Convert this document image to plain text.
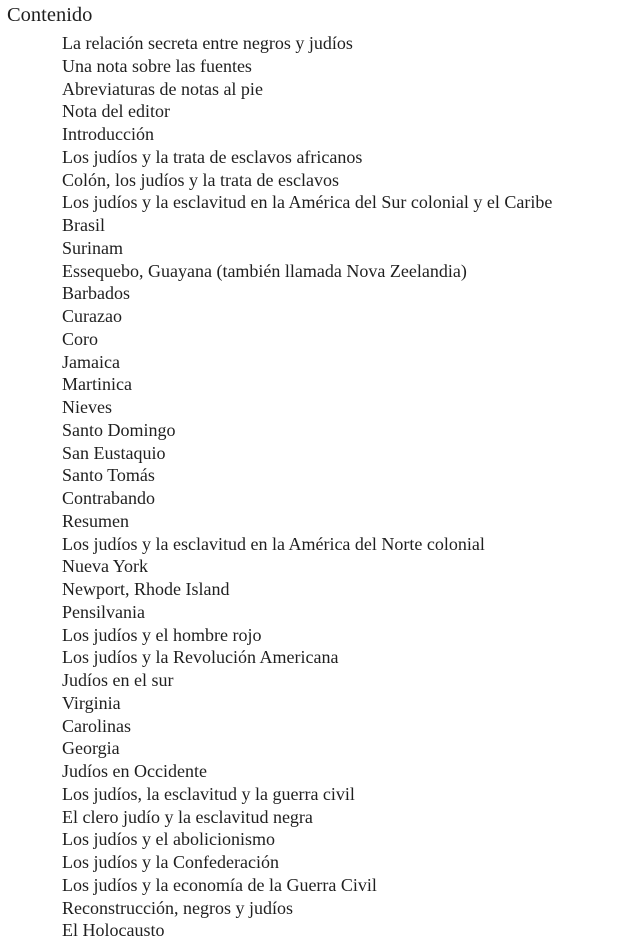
Contenido
La relación secreta entre negros y judíos
Una nota sobre las fuentes
Abreviaturas de notas al pie
Nota del editor
Introducción
Los judíos y la trata de esclavos africanos
Colón, los judíos y la trata de esclavos
Los judíos y la esclavitud en la América del Sur colonial y el Caribe
Brasil
Surinam
Essequebo, Guayana (también llamada Nova Zeelandia)
Barbados
Curazao
Coro
Jamaica
Martinica
Nieves
Santo Domingo
San Eustaquio
Santo Tomás
Contrabando
Resumen
Los judíos y la esclavitud en la América del Norte colonial
Nueva York
Newport, Rhode Island
Pensilvania
Los judíos y el hombre rojo
Los judíos y la Revolución Americana
Judíos en el sur
Virginia
Carolinas
Georgia
Judíos en Occidente
Los judíos, la esclavitud y la guerra civil
El clero judío y la esclavitud negra
Los judíos y el abolicionismo
Los judíos y la Confederación
Los judíos y la economía de la Guerra Civil
Reconstrucción, negros y judíos
El Holocausto
